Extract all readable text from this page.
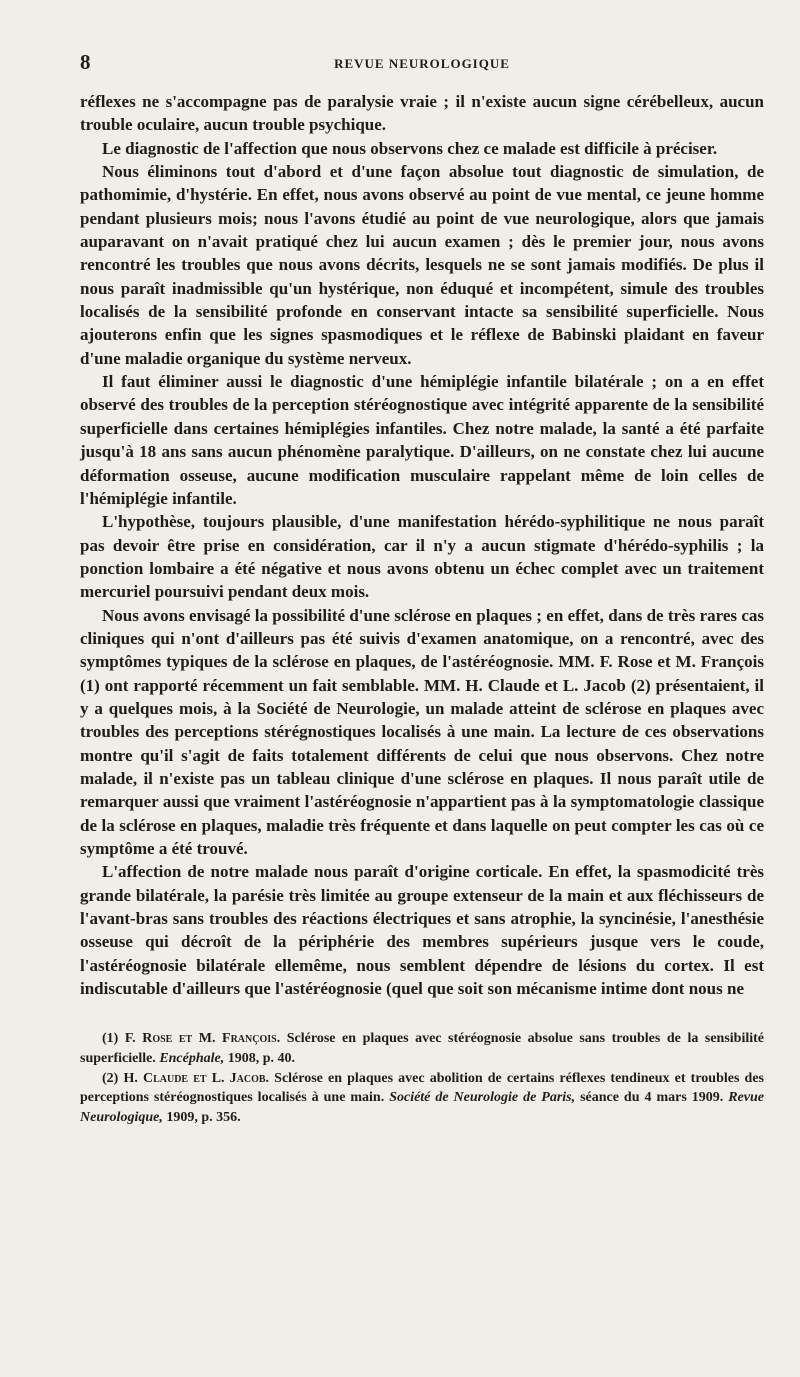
8	REVUE NEUROLOGIQUE

réflexes ne s'accompagne pas de paralysie vraie ; il n'existe aucun signe cérébelleux, aucun trouble oculaire, aucun trouble psychique.

Le diagnostic de l'affection que nous observons chez ce malade est difficile à préciser.

Nous éliminons tout d'abord et d'une façon absolue tout diagnostic de simulation, de pathomimie, d'hystérie. En effet, nous avons observé au point de vue mental, ce jeune homme pendant plusieurs mois; nous l'avons étudié au point de vue neurologique, alors que jamais auparavant on n'avait pratiqué chez lui aucun examen ; dès le premier jour, nous avons rencontré les troubles que nous avons décrits, lesquels ne se sont jamais modifiés. De plus il nous paraît inadmissible qu'un hystérique, non éduqué et incompétent, simule des troubles localisés de la sensibilité profonde en conservant intacte sa sensibilité superficielle. Nous ajouterons enfin que les signes spasmodiques et le réflexe de Babinski plaidant en faveur d'une maladie organique du système nerveux.

Il faut éliminer aussi le diagnostic d'une hémiplégie infantile bilatérale ; on a en effet observé des troubles de la perception stéréognostique avec intégrité apparente de la sensibilité superficielle dans certaines hémiplégies infantiles. Chez notre malade, la santé a été parfaite jusqu'à 18 ans sans aucun phénomène paralytique. D'ailleurs, on ne constate chez lui aucune déformation osseuse, aucune modification musculaire rappelant même de loin celles de l'hémiplégie infantile.

L'hypothèse, toujours plausible, d'une manifestation hérédo-syphilitique ne nous paraît pas devoir être prise en considération, car il n'y a aucun stigmate d'hérédo-syphilis ; la ponction lombaire a été négative et nous avons obtenu un échec complet avec un traitement mercuriel poursuivi pendant deux mois.

Nous avons envisagé la possibilité d'une sclérose en plaques ; en effet, dans de très rares cas cliniques qui n'ont d'ailleurs pas été suivis d'examen anatomique, on a rencontré, avec des symptômes typiques de la sclérose en plaques, de l'astéréognosie. MM. F. Rose et M. François (1) ont rapporté récemment un fait semblable. MM. H. Claude et L. Jacob (2) présentaient, il y a quelques mois, à la Société de Neurologie, un malade atteint de sclérose en plaques avec troubles des perceptions stérégnostiques localisés à une main. La lecture de ces observations montre qu'il s'agit de faits totalement différents de celui que nous observons. Chez notre malade, il n'existe pas un tableau clinique d'une sclérose en plaques. Il nous paraît utile de remarquer aussi que vraiment l'astéréognosie n'appartient pas à la symptomatologie classique de la sclérose en plaques, maladie très fréquente et dans laquelle on peut compter les cas où ce symptôme a été trouvé.

L'affection de notre malade nous paraît d'origine corticale. En effet, la spasmodicité très grande bilatérale, la parésie très limitée au groupe extenseur de la main et aux fléchisseurs de l'avant-bras sans troubles des réactions électriques et sans atrophie, la syncinésie, l'anesthésie osseuse qui décroît de la périphérie des membres supérieurs jusque vers le coude, l'astéréognosie bilatérale ellemême, nous semblent dépendre de lésions du cortex. Il est indiscutable d'ailleurs que l'astéréognosie (quel que soit son mécanisme intime dont nous ne

(1) F. Rose et M. François. Sclérose en plaques avec stéréognosie absolue sans troubles de la sensibilité superficielle. Encéphale, 1908, p. 40.

(2) H. Claude et L. Jacob. Sclérose en plaques avec abolition de certains réflexes tendineux et troubles des perceptions stéréognostiques localisés à une main. Société de Neurologie de Paris, séance du 4 mars 1909. Revue Neurologique, 1909, p. 356.
